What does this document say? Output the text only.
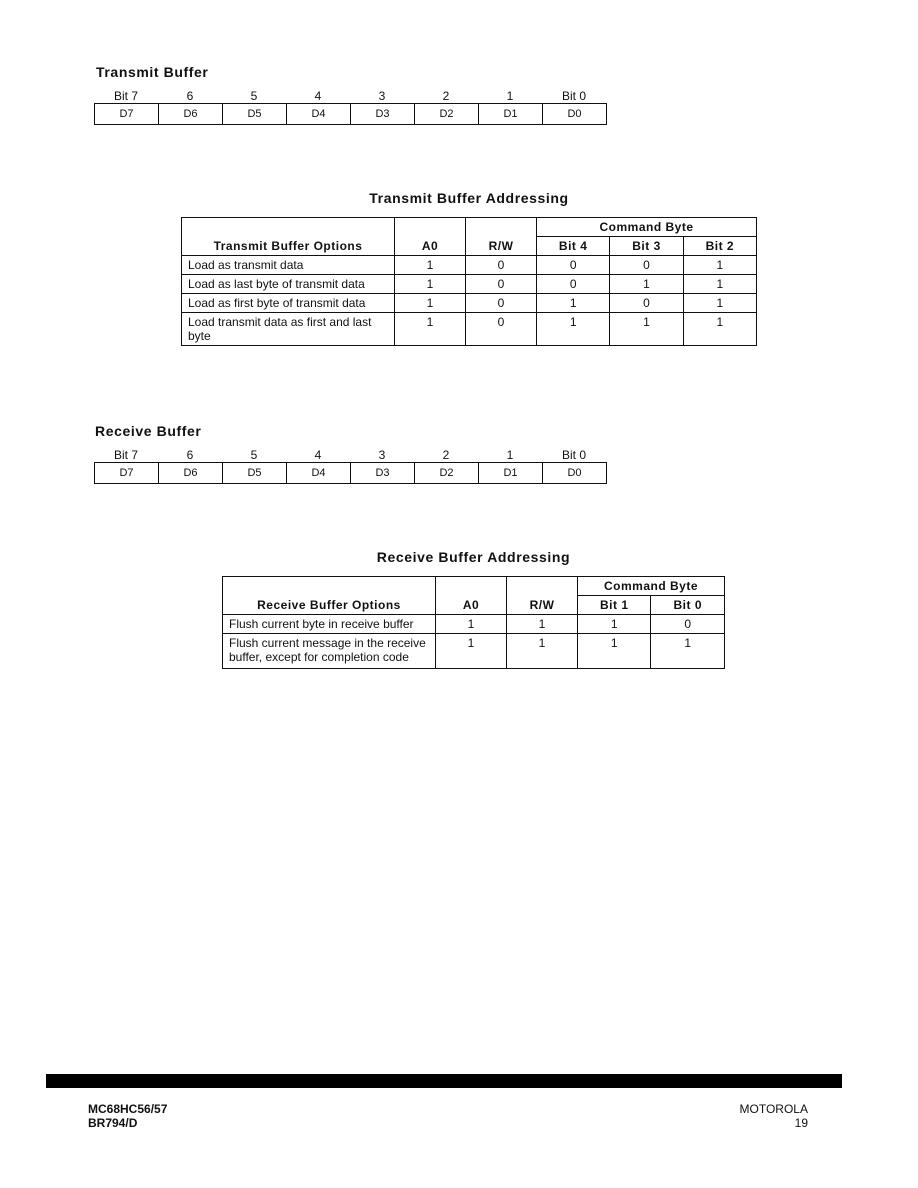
Transmit Buffer
Bit 7	6	5	4	3	2	1	Bit 0
D7	D6	D5	D4	D3	D2	D1	D0
Transmit Buffer Addressing
Transmit Buffer Options	A0	R/W	Command Byte		
			Bit 4	Bit 3	Bit 2
Load as transmit data	1	0	0	0	1
Load as last byte of transmit data	1	0	0	1	1
Load as first byte of transmit data	1	0	1	0	1
Load transmit data as first and last byte	1	0	1	1	1
Receive Buffer
Bit 7	6	5	4	3	2	1	Bit 0
D7	D6	D5	D4	D3	D2	D1	D0
Receive Buffer Addressing
Receive Buffer Options	A0	R/W	Command Byte	
			Bit 1	Bit 0
Flush current byte in receive buffer	1	1	1	0
Flush current message in the receive buffer, except for completion code	1	1	1	1
MC68HC56/57
BR794/D
MOTOROLA
19
